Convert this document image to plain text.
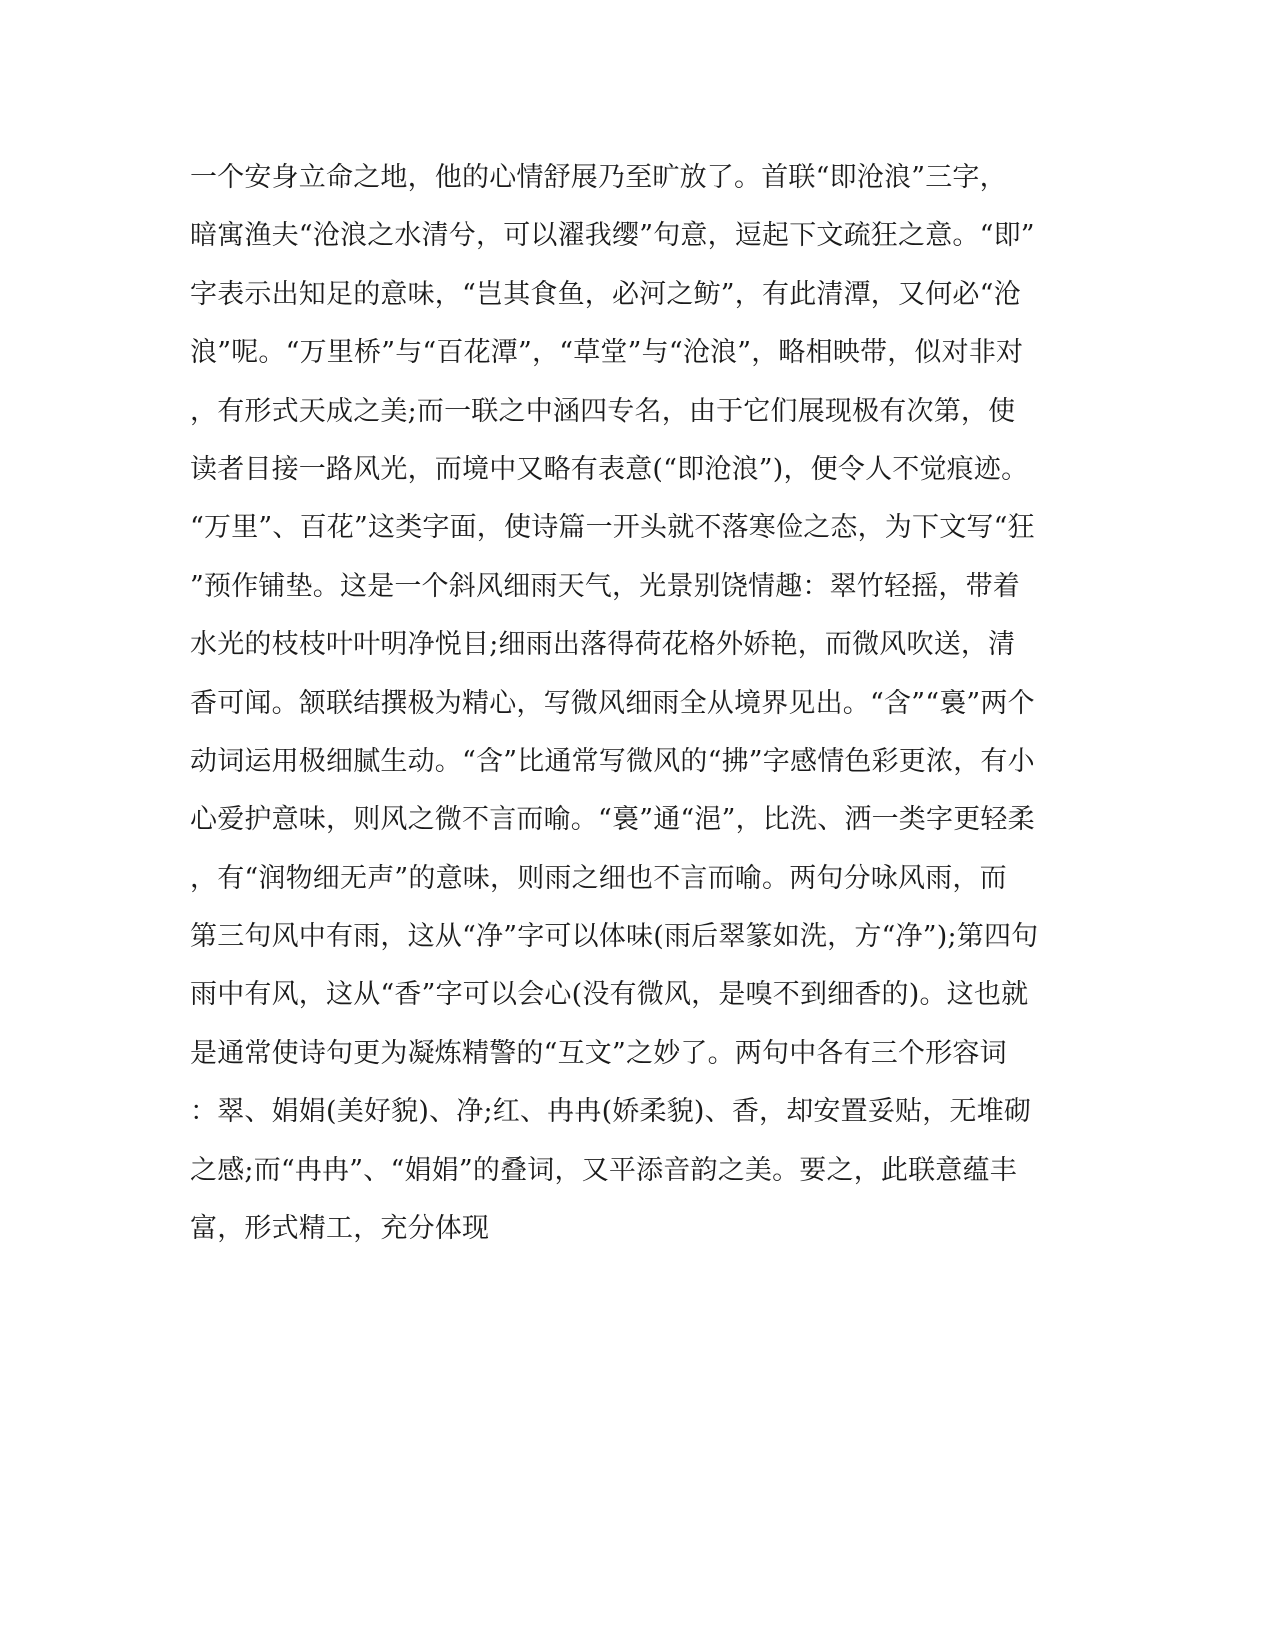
一个安身立命之地，他的心情舒展乃至旷放了。首联“即沧浪”三字，
暗寓渔夫“沧浪之水清兮，可以濯我缨”句意，逗起下文疏狂之意。“即”
字表示出知足的意味，“岂其食鱼，必河之鲂”，有此清潭，又何必“沧
浪”呢。“万里桥”与“百花潭”，“草堂”与“沧浪”，略相映带，似对非对
，有形式天成之美;而一联之中涵四专名，由于它们展现极有次第，使
读者目接一路风光，而境中又略有表意(“即沧浪”)，便令人不觉痕迹。
“万里”、百花”这类字面，使诗篇一开头就不落寒俭之态，为下文写“狂
”预作铺垫。这是一个斜风细雨天气，光景别饶情趣：翠竹轻摇，带着
水光的枝枝叶叶明净悦目;细雨出落得荷花格外娇艳，而微风吹送，清
香可闻。颔联结撰极为精心，写微风细雨全从境界见出。“含”“裛”两个
动词运用极细腻生动。“含”比通常写微风的“拂”字感情色彩更浓，有小
心爱护意味，则风之微不言而喻。“裛”通“浥”，比洗、洒一类字更轻柔
，有“润物细无声”的意味，则雨之细也不言而喻。两句分咏风雨，而
第三句风中有雨，这从“净”字可以体味(雨后翠篆如洗，方“净”);第四句
雨中有风，这从“香”字可以会心(没有微风，是嗅不到细香的)。这也就
是通常使诗句更为凝炼精警的“互文”之妙了。两句中各有三个形容词
：翠、娟娟(美好貌)、净;红、冉冉(娇柔貌)、香，却安置妥贴，无堆砌
之感;而“冉冉”、“娟娟”的叠词，又平添音韵之美。要之，此联意蕴丰
富，形式精工，充分体现
